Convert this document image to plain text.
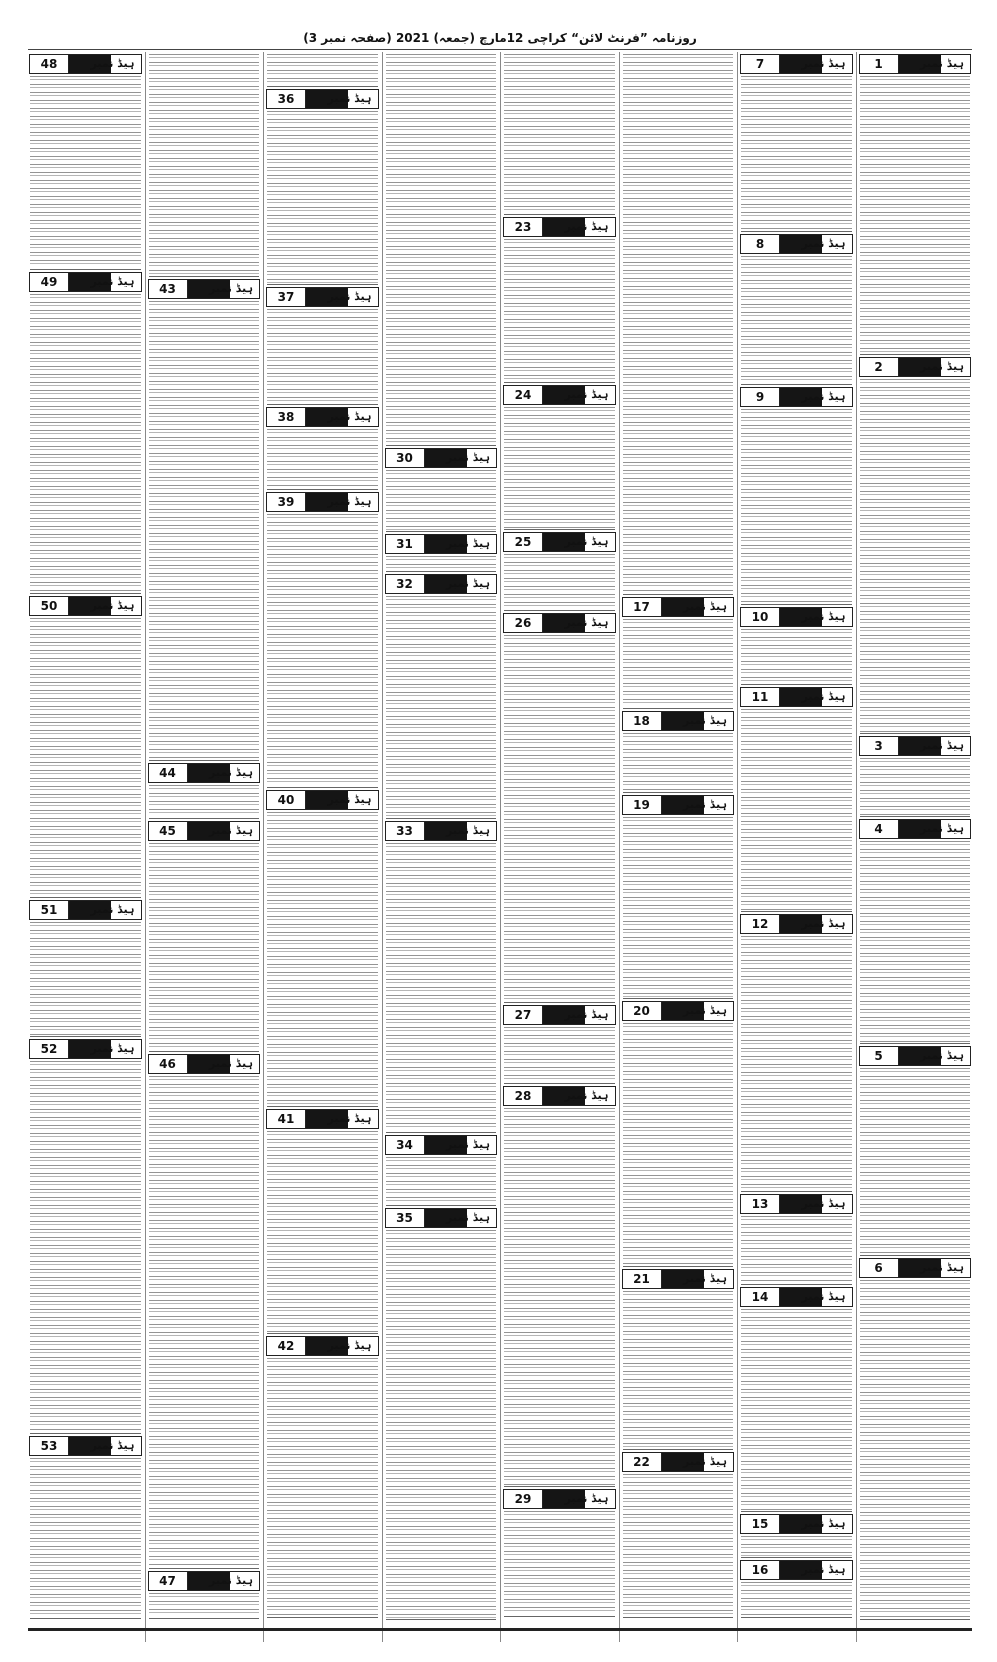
روزنامہ ”فرنٹ لائن“ کراچی 12مارچ (جمعہ) 2021 (صفحہ نمبر 3)
1	ہیڈ نمبر
2	ہیڈ نمبر
3	ہیڈ نمبر
4	ہیڈ نمبر
5	ہیڈ نمبر
6	ہیڈ نمبر
7	ہیڈ نمبر
8	ہیڈ نمبر
9	ہیڈ نمبر
10	ہیڈ نمبر
11	ہیڈ نمبر
12	ہیڈ نمبر
13	ہیڈ نمبر
14	ہیڈ نمبر
15	ہیڈ نمبر
16	ہیڈ نمبر
17	ہیڈ نمبر
18	ہیڈ نمبر
19	ہیڈ نمبر
20	ہیڈ نمبر
21	ہیڈ نمبر
22	ہیڈ نمبر
23	ہیڈ نمبر
24	ہیڈ نمبر
25	ہیڈ نمبر
26	ہیڈ نمبر
27	ہیڈ نمبر
28	ہیڈ نمبر
29	ہیڈ نمبر
30	ہیڈ نمبر
31	ہیڈ نمبر
32	ہیڈ نمبر
33	ہیڈ نمبر
34	ہیڈ نمبر
35	ہیڈ نمبر
36	ہیڈ نمبر
37	ہیڈ نمبر
38	ہیڈ نمبر
39	ہیڈ نمبر
40	ہیڈ نمبر
41	ہیڈ نمبر
42	ہیڈ نمبر
43	ہیڈ نمبر
44	ہیڈ نمبر
45	ہیڈ نمبر
46	ہیڈ نمبر
47	ہیڈ نمبر
48	ہیڈ نمبر
49	ہیڈ نمبر
50	ہیڈ نمبر
51	ہیڈ نمبر
52	ہیڈ نمبر
53	ہیڈ نمبر
